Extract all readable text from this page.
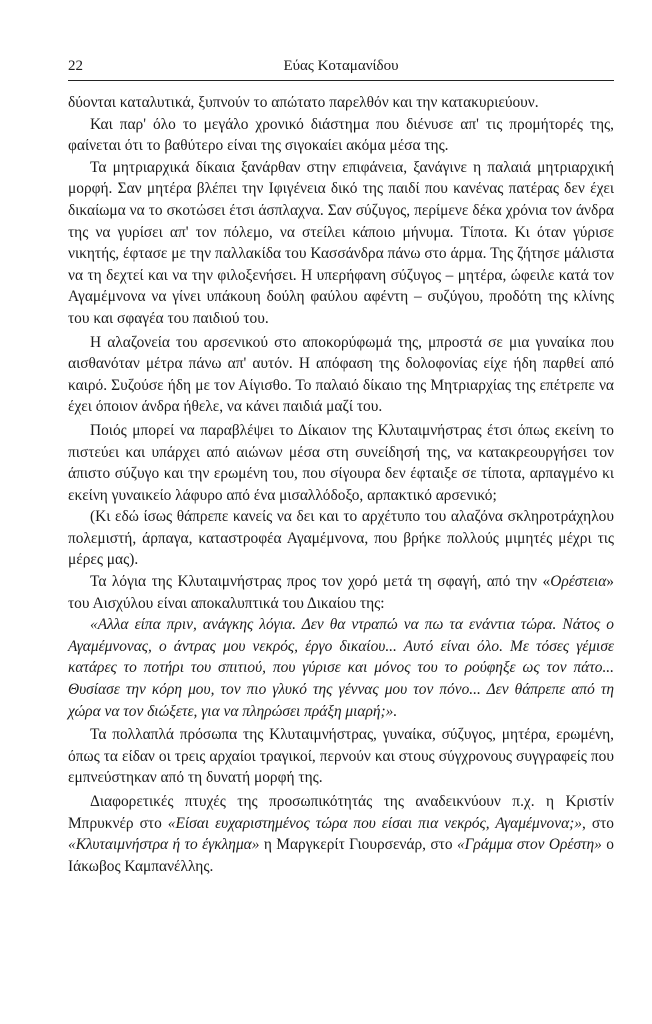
22	Εύας Κοταμανίδου

δύονται καταλυτικά, ξυπνούν το απώτατο παρελθόν και την κατακυριεύουν.

Και παρ' όλο το μεγάλο χρονικό διάστημα που διένυσε απ' τις προμήτορές της, φαίνεται ότι το βαθύτερο είναι της σιγοκαίει ακόμα μέσα της.

Τα μητριαρχικά δίκαια ξανάρθαν στην επιφάνεια, ξανάγινε η παλαιά μητριαρχική μορφή. Σαν μητέρα βλέπει την Ιφιγένεια δικό της παιδί που κανένας πατέρας δεν έχει δικαίωμα να το σκοτώσει έτσι άσπλαχνα. Σαν σύζυγος, περίμενε δέκα χρόνια τον άνδρα της να γυρίσει απ' τον πόλεμο, να στείλει κάποιο μήνυμα. Τίποτα. Κι όταν γύρισε νικητής, έφτασε με την παλλακίδα του Κασσάνδρα πάνω στο άρμα. Της ζήτησε μάλιστα να τη δεχτεί και να την φιλοξενήσει. Η υπερήφανη σύζυγος – μητέρα, ώφειλε κατά τον Αγαμέμνονα να γίνει υπάκουη δούλη φαύλου αφέντη – συζύγου, προδότη της κλίνης του και σφαγέα του παιδιού του.

Η αλαζονεία του αρσενικού στο αποκορύφωμά της, μπροστά σε μια γυναίκα που αισθανόταν μέτρα πάνω απ' αυτόν. Η απόφαση της δολοφονίας είχε ήδη παρθεί από καιρό. Συζούσε ήδη με τον Αίγισθο. Το παλαιό δίκαιο της Μητριαρχίας της επέτρεπε να έχει όποιον άνδρα ήθελε, να κάνει παιδιά μαζί του.

Ποιός μπορεί να παραβλέψει το Δίκαιον της Κλυταιμνήστρας έτσι όπως εκείνη το πιστεύει και υπάρχει από αιώνων μέσα στη συνείδησή της, να κατακρεουργήσει τον άπιστο σύζυγο και την ερωμένη του, που σίγουρα δεν έφταιξε σε τίποτα, αρπαγμένο κι εκείνη γυναικείο λάφυρο από ένα μισαλλόδοξο, αρπακτικό αρσενικό;

(Κι εδώ ίσως θάπρεπε κανείς να δει και το αρχέτυπο του αλαζόνα σκληροτράχηλου πολεμιστή, άρπαγα, καταστροφέα Αγαμέμνονα, που βρήκε πολλούς μιμητές μέχρι τις μέρες μας).

Τα λόγια της Κλυταιμνήστρας προς τον χορό μετά τη σφαγή, από την «Ορέστεια» του Αισχύλου είναι αποκαλυπτικά του Δικαίου της:

«Αλλα είπα πριν, ανάγκης λόγια. Δεν θα ντραπώ να πω τα ενάντια τώρα. Νάτος ο Αγαμέμνονας, ο άντρας μου νεκρός, έργο δικαίου... Αυτό είναι όλο. Με τόσες γέμισε κατάρες το ποτήρι του σπιτιού, που γύρισε και μόνος του το ρούφηξε ως τον πάτο... Θυσίασε την κόρη μου, τον πιο γλυκό της γέννας μου τον πόνο... Δεν θάπρεπε από τη χώρα να τον διώξετε, για να πληρώσει πράξη μιαρή;».

Τα πολλαπλά πρόσωπα της Κλυταιμνήστρας, γυναίκα, σύζυγος, μητέρα, ερωμένη, όπως τα είδαν οι τρεις αρχαίοι τραγικοί, περνούν και στους σύγχρονους συγγραφείς που εμπνεύστηκαν από τη δυνατή μορφή της.

Διαφορετικές πτυχές της προσωπικότητάς της αναδεικνύουν π.χ. η Κριστίν Μπρυκνέρ στο «Είσαι ευχαριστημένος τώρα που είσαι πια νεκρός, Αγαμέμνονα;», στο «Κλυταιμνήστρα ή το έγκλημα» η Μαργκερίτ Γιουρσενάρ, στο «Γράμμα στον Ορέστη» ο Ιάκωβος Καμπανέλλης.
